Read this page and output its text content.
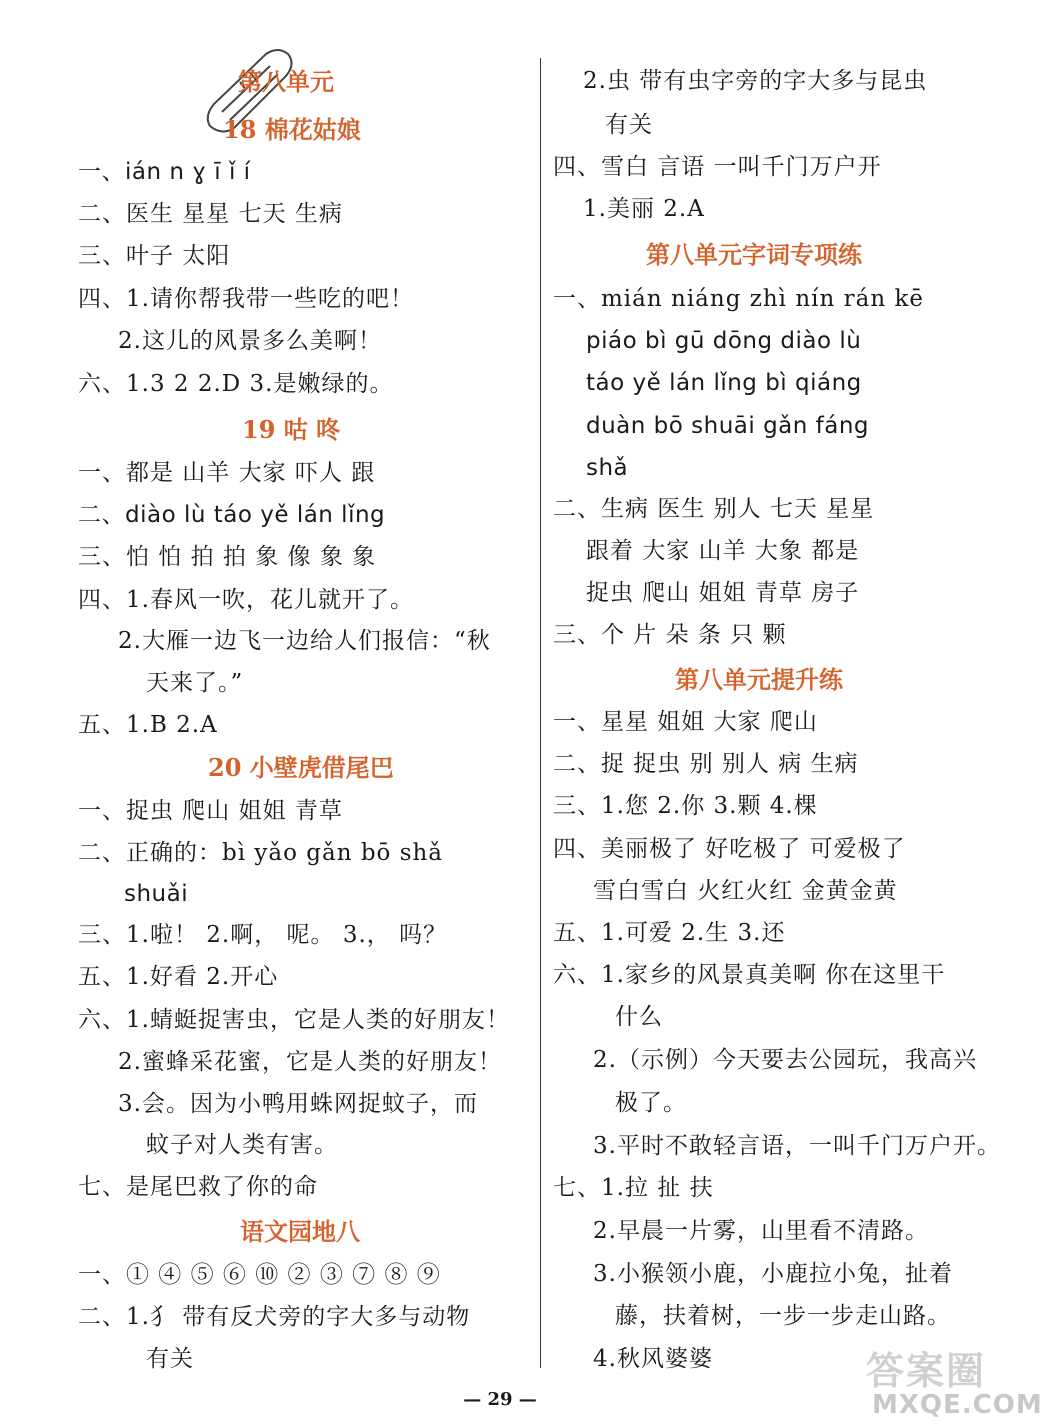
第八单元
18 棉花姑娘
一、ián n ɣ ī ǐ í
二、医生 星星 七天 生病
三、叶子 太阳
四、1.请你帮我带一些吃的吧！
2.这儿的风景多么美啊！
六、1.3 2 2.D 3.是嫩绿的。
19 咕 咚
一、都是 山羊 大家 吓人 跟
二、diào lù táo yě lán lǐng
三、怕 怕 拍 拍 象 像 象 象
四、1.春风一吹，花儿就开了。
2.大雁一边飞一边给人们报信：“秋
天来了。”
五、1.B 2.A
20 小壁虎借尾巴
一、捉虫 爬山 姐姐 青草
二、正确的：bì yǎo gǎn bō shǎ
shuǎi
三、1.啦！ 2.啊， 呢。 3.， 吗？
五、1.好看 2.开心
六、1.蜻蜓捉害虫，它是人类的好朋友！
2.蜜蜂采花蜜，它是人类的好朋友！
3.会。因为小鸭用蛛网捉蚊子，而
蚊子对人类有害。
七、是尾巴救了你的命
语文园地八
一、① ④ ⑤ ⑥ ⑩ ② ③ ⑦ ⑧ ⑨
二、1.犭 带有反犬旁的字大多与动物
有关
2.虫 带有虫字旁的字大多与昆虫
有关
四、雪白 言语 一叫千门万户开
1.美丽 2.A
第八单元字词专项练
一、mián niáng zhì nín rán kē
piáo bì gū dōng diào lù
táo yě lán lǐng bì qiáng
duàn bō shuāi gǎn fáng
shǎ
二、生病 医生 别人 七天 星星
跟着 大家 山羊 大象 都是
捉虫 爬山 姐姐 青草 房子
三、个 片 朵 条 只 颗
第八单元提升练
一、星星 姐姐 大家 爬山
二、捉 捉虫 别 别人 病 生病
三、1.您 2.你 3.颗 4.棵
四、美丽极了 好吃极了 可爱极了
雪白雪白 火红火红 金黄金黄
五、1.可爱 2.生 3.还
六、1.家乡的风景真美啊 你在这里干
什么
2.（示例）今天要去公园玩，我高兴
极了。
3.平时不敢轻言语，一叫千门万户开。
七、1.拉 扯 扶
2.早晨一片雾，山里看不清路。
3.小猴领小鹿，小鹿拉小兔，扯着
藤，扶着树，一步一步走山路。
4.秋风婆婆	答案圈
MXQE.COM
— 29 —
